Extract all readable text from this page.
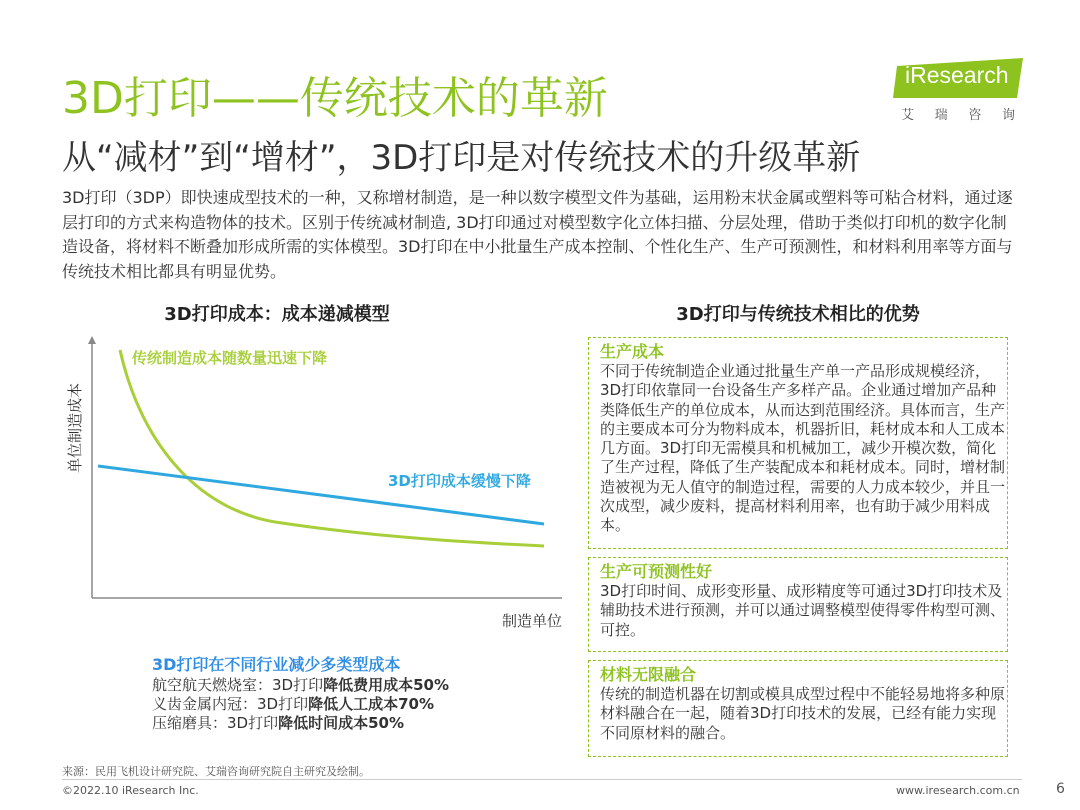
3D打印——传统技术的革新
从“减材”到“增材”，3D打印是对传统技术的升级革新
iResearch
艾 瑞 咨 询
3D打印（3DP）即快速成型技术的一种，又称增材制造，是一种以数字模型文件为基础，运用粉末状金属或塑料等可粘合材料，通过逐层打印的方式来构造物体的技术。区别于传统减材制造, 3D打印通过对模型数字化立体扫描、分层处理，借助于类似打印机的数字化制造设备，将材料不断叠加形成所需的实体模型。3D打印在中小批量生产成本控制、个性化生产、生产可预测性，和材料利用率等方面与传统技术相比都具有明显优势。
3D打印成本：成本递减模型	3D打印与传统技术相比的优势
单位制造成本
制造单位
传统制造成本随数量迅速下降
3D打印成本缓慢下降
3D打印在不同行业减少多类型成本
航空航天燃烧室：3D打印降低费用成本50%
义齿金属内冠：3D打印降低人工成本70%
压缩磨具：3D打印降低时间成本50%
生产成本
不同于传统制造企业通过批量生产单一产品形成规模经济，3D打印依靠同一台设备生产多样产品。企业通过增加产品种类降低生产的单位成本，从而达到范围经济。具体而言，生产的主要成本可分为物料成本，机器折旧，耗材成本和人工成本几方面。3D打印无需模具和机械加工，减少开模次数，简化了生产过程，降低了生产装配成本和耗材成本。同时，增材制造被视为无人值守的制造过程，需要的人力成本较少，并且一次成型，减少废料，提高材料利用率，也有助于减少用料成本。
生产可预测性好
3D打印时间、成形变形量、成形精度等可通过3D打印技术及辅助技术进行预测，并可以通过调整模型使得零件构型可测、可控。
材料无限融合
传统的制造机器在切割或模具成型过程中不能轻易地将多种原材料融合在一起，随着3D打印技术的发展，已经有能力实现不同原材料的融合。
来源：民用飞机设计研究院、艾瑞咨询研究院自主研究及绘制。
©2022.10 iResearch Inc.	www.iresearch.com.cn	6
